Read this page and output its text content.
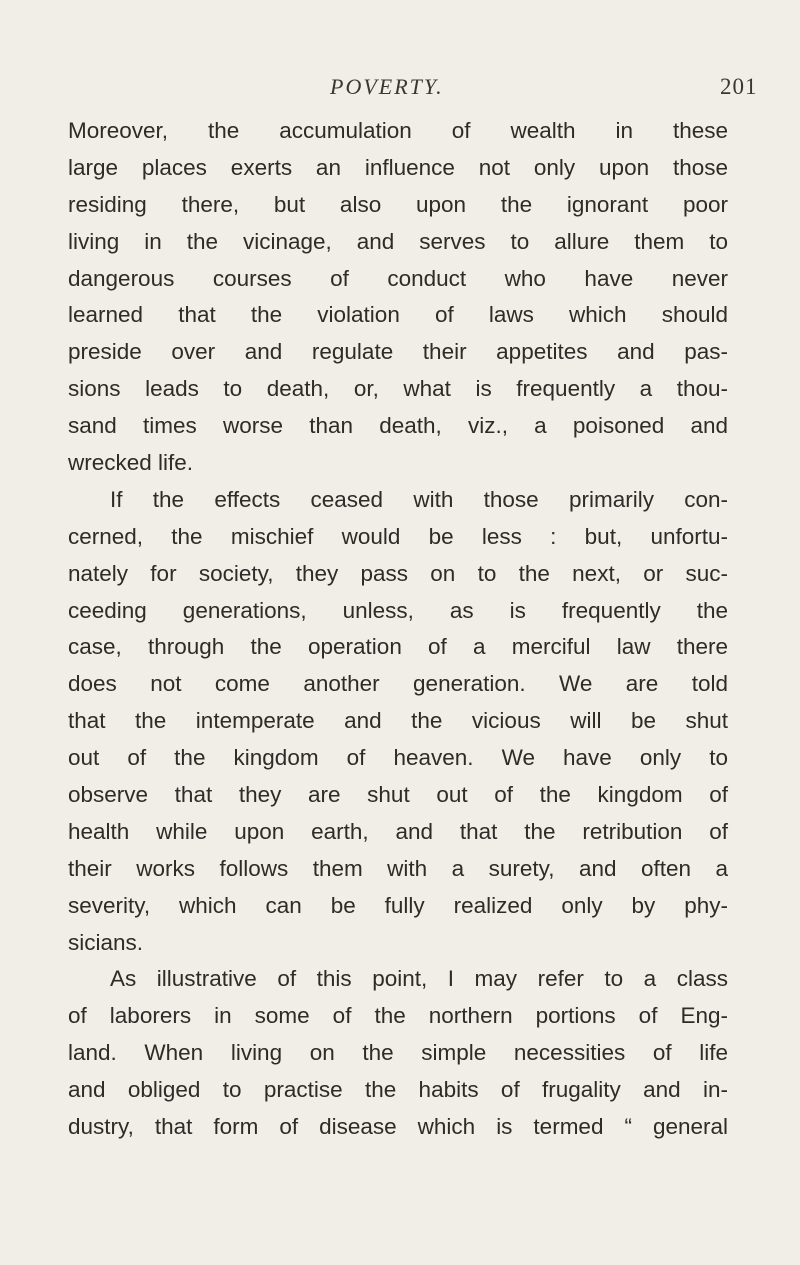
POVERTY.	201
Moreover, the accumulation of wealth in these
large places exerts an influence not only upon those
residing there, but also upon the ignorant poor
living in the vicinage, and serves to allure them to
dangerous courses of conduct who have never
learned that the violation of laws which should
preside over and regulate their appetites and pas-
sions leads to death, or, what is frequently a thou-
sand times worse than death, viz., a poisoned and
wrecked life.
If the effects ceased with those primarily con-
cerned, the mischief would be less : but, unfortu-
nately for society, they pass on to the next, or suc-
ceeding generations, unless, as is frequently the
case, through the operation of a merciful law there
does not come another generation. We are told
that the intemperate and the vicious will be shut
out of the kingdom of heaven. We have only to
observe that they are shut out of the kingdom of
health while upon earth, and that the retribution of
their works follows them with a surety, and often a
severity, which can be fully realized only by phy-
sicians.
As illustrative of this point, I may refer to a class
of laborers in some of the northern portions of Eng-
land. When living on the simple necessities of life
and obliged to practise the habits of frugality and in-
dustry, that form of disease which is termed “ general
